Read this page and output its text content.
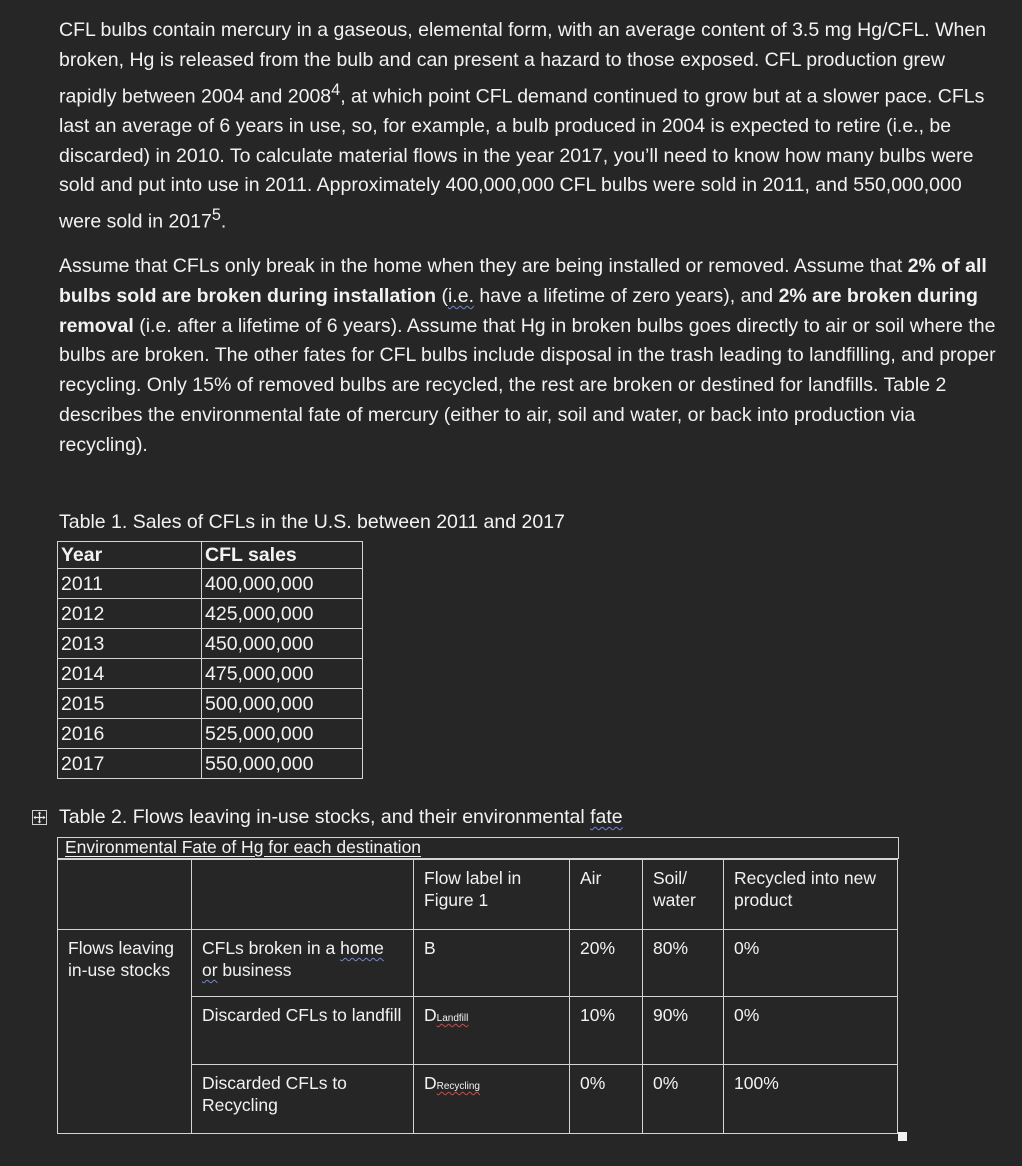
CFL bulbs contain mercury in a gaseous, elemental form, with an average content of 3.5 mg Hg/CFL. When broken, Hg is released from the bulb and can present a hazard to those exposed. CFL production grew rapidly between 2004 and 2008$^4$, at which point CFL demand continued to grow but at a slower pace. CFLs last an average of 6 years in use, so, for example, a bulb produced in 2004 is expected to retire (i.e., be discarded) in 2010. To calculate material flows in the year 2017, you’ll need to know how many bulbs were sold and put into use in 2011. Approximately 400,000,000 CFL bulbs were sold in 2011, and 550,000,000 were sold in 2017$^5$.

Assume that CFLs only break in the home when they are being installed or removed. Assume that 2% of all bulbs sold are broken during installation (i.e. have a lifetime of zero years), and 2% are broken during removal (i.e. after a lifetime of 6 years). Assume that Hg in broken bulbs goes directly to air or soil where the bulbs are broken. The other fates for CFL bulbs include disposal in the trash leading to landfilling, and proper recycling. Only 15% of removed bulbs are recycled, the rest are broken or destined for landfills. Table 2 describes the environmental fate of mercury (either to air, soil and water, or back into production via recycling).

Table 1. Sales of CFLs in the U.S. between 2011 and 2017
Year	CFL sales
2011	400,000,000
2012	425,000,000
2013	450,000,000
2014	475,000,000
2015	500,000,000
2016	525,000,000
2017	550,000,000
Table 2. Flows leaving in-use stocks, and their environmental fate
Environmental Fate of Hg for each destination
		Flow label in Figure 1	Air	Soil/ water	Recycled into new product
Flows leaving in-use stocks	CFLs broken in a home or business	B	20%	80%	0%
	Discarded CFLs to landfill	DLandfill	10%	90%	0%
	Discarded CFLs to Recycling	DRecycling	0%	0%	100%
